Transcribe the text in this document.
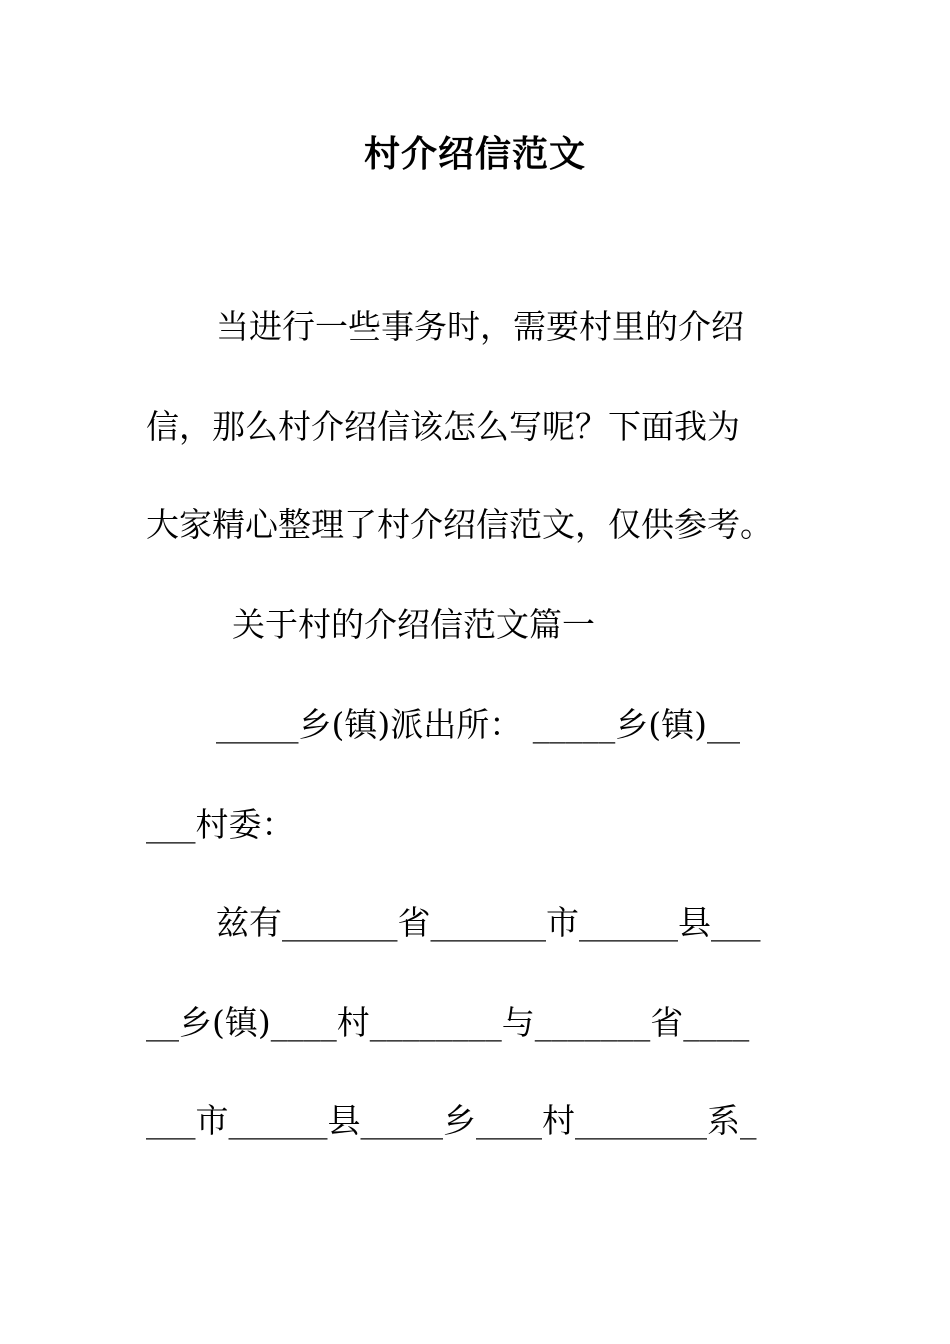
村介绍信范文
当进行一些事务时，需要村里的介绍
信，那么村介绍信该怎么写呢？下面我为
大家精心整理了村介绍信范文，仅供参考。
关于村的介绍信范文篇一
_____乡(镇)派出所： _____乡(镇)__
___村委：
兹有_______省_______市______县___
__乡(镇)____村________与_______省____
___市______县_____乡____村________系_
